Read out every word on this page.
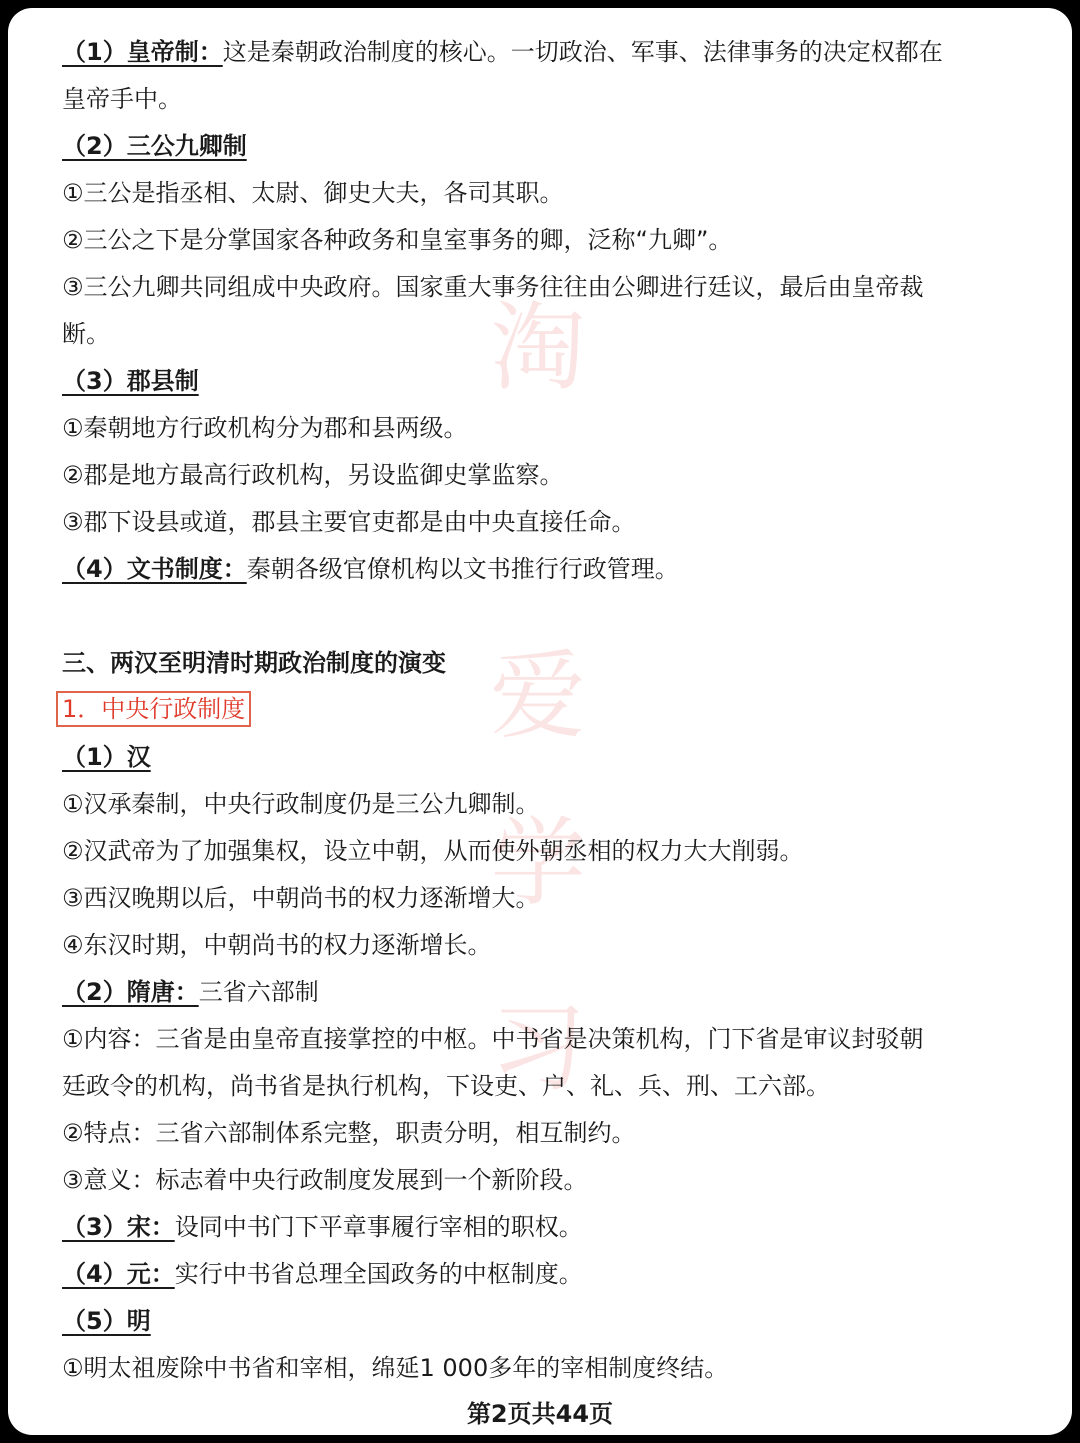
淘
爱
学
习
（1）皇帝制：这是秦朝政治制度的核心。一切政治、军事、法律事务的决定权都在
皇帝手中。
（2）三公九卿制
①三公是指丞相、太尉、御史大夫，各司其职。
②三公之下是分掌国家各种政务和皇室事务的卿，泛称“九卿”。
③三公九卿共同组成中央政府。国家重大事务往往由公卿进行廷议，最后由皇帝裁
断。
（3）郡县制
①秦朝地方行政机构分为郡和县两级。
②郡是地方最高行政机构，另设监御史掌监察。
③郡下设县或道，郡县主要官吏都是由中央直接任命。
（4）文书制度：秦朝各级官僚机构以文书推行行政管理。
三、两汉至明清时期政治制度的演变
1．中央行政制度
（1）汉
①汉承秦制，中央行政制度仍是三公九卿制。
②汉武帝为了加强集权，设立中朝，从而使外朝丞相的权力大大削弱。
③西汉晚期以后，中朝尚书的权力逐渐增大。
④东汉时期，中朝尚书的权力逐渐增长。
（2）隋唐：三省六部制
①内容：三省是由皇帝直接掌控的中枢。中书省是决策机构，门下省是审议封驳朝
廷政令的机构，尚书省是执行机构，下设吏、户、礼、兵、刑、工六部。
②特点：三省六部制体系完整，职责分明，相互制约。
③意义：标志着中央行政制度发展到一个新阶段。
（3）宋：设同中书门下平章事履行宰相的职权。
（4）元：实行中书省总理全国政务的中枢制度。
（5）明
①明太祖废除中书省和宰相，绵延1 000多年的宰相制度终结。
第2页共44页
